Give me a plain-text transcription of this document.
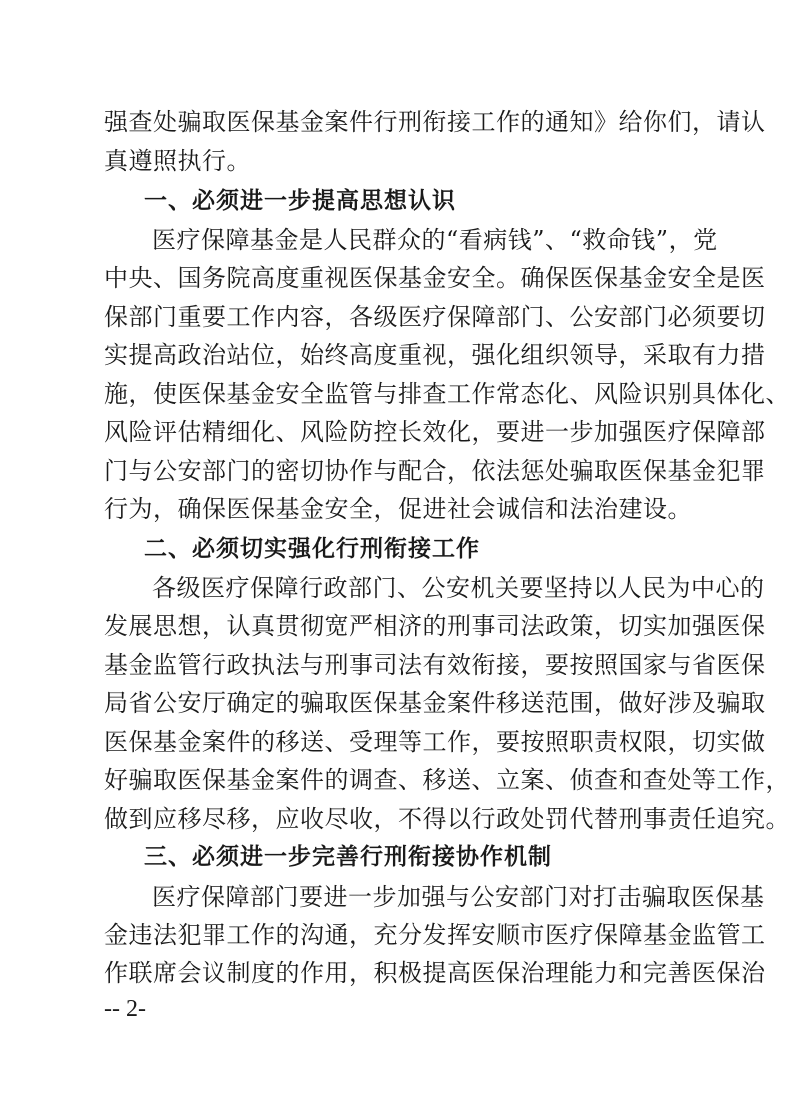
强查处骗取医保基金案件行刑衔接工作的通知》给你们，请认
真遵照执行。
一、必须进一步提高思想认识
医疗保障基金是人民群众的“看病钱”、“救命钱”，党
中央、国务院高度重视医保基金安全。确保医保基金安全是医
保部门重要工作内容，各级医疗保障部门、公安部门必须要切
实提高政治站位，始终高度重视，强化组织领导，采取有力措
施，使医保基金安全监管与排查工作常态化、风险识别具体化、
风险评估精细化、风险防控长效化，要进一步加强医疗保障部
门与公安部门的密切协作与配合，依法惩处骗取医保基金犯罪
行为，确保医保基金安全，促进社会诚信和法治建设。
二、必须切实强化行刑衔接工作
各级医疗保障行政部门、公安机关要坚持以人民为中心的
发展思想，认真贯彻宽严相济的刑事司法政策，切实加强医保
基金监管行政执法与刑事司法有效衔接，要按照国家与省医保
局省公安厅确定的骗取医保基金案件移送范围，做好涉及骗取
医保基金案件的移送、受理等工作，要按照职责权限，切实做
好骗取医保基金案件的调查、移送、立案、侦查和查处等工作，
做到应移尽移，应收尽收，不得以行政处罚代替刑事责任追究。
三、必须进一步完善行刑衔接协作机制
医疗保障部门要进一步加强与公安部门对打击骗取医保基
金违法犯罪工作的沟通，充分发挥安顺市医疗保障基金监管工
作联席会议制度的作用，积极提高医保治理能力和完善医保治
-- 2-
